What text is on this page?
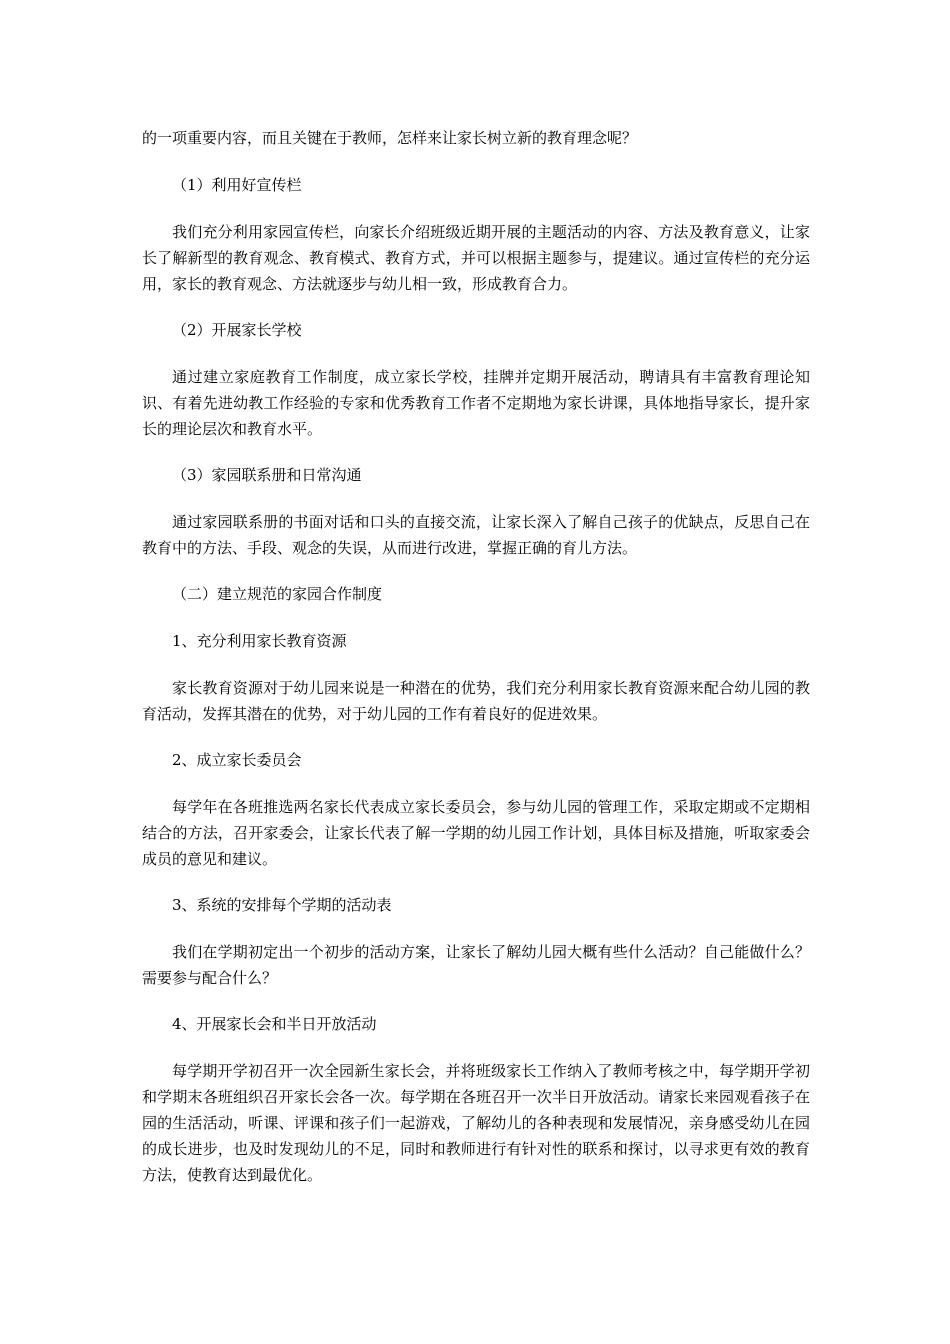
的一项重要内容，而且关键在于教师，怎样来让家长树立新的教育理念呢？

（1）利用好宣传栏

我们充分利用家园宣传栏，向家长介绍班级近期开展的主题活动的内容、方法及教育意义，让家长了解新型的教育观念、教育模式、教育方式，并可以根据主题参与，提建议。通过宣传栏的充分运用，家长的教育观念、方法就逐步与幼儿相一致，形成教育合力。

（2）开展家长学校

通过建立家庭教育工作制度，成立家长学校，挂牌并定期开展活动，聘请具有丰富教育理论知识、有着先进幼教工作经验的专家和优秀教育工作者不定期地为家长讲课，具体地指导家长，提升家长的理论层次和教育水平。

（3）家园联系册和日常沟通

通过家园联系册的书面对话和口头的直接交流，让家长深入了解自己孩子的优缺点，反思自己在教育中的方法、手段、观念的失误，从而进行改进，掌握正确的育儿方法。

（二）建立规范的家园合作制度

1、充分利用家长教育资源

家长教育资源对于幼儿园来说是一种潜在的优势，我们充分利用家长教育资源来配合幼儿园的教育活动，发挥其潜在的优势，对于幼儿园的工作有着良好的促进效果。

2、成立家长委员会

每学年在各班推选两名家长代表成立家长委员会，参与幼儿园的管理工作，采取定期或不定期相结合的方法，召开家委会，让家长代表了解一学期的幼儿园工作计划，具体目标及措施，听取家委会成员的意见和建议。

3、系统的安排每个学期的活动表

我们在学期初定出一个初步的活动方案，让家长了解幼儿园大概有些什么活动？自己能做什么？需要参与配合什么？

4、开展家长会和半日开放活动

每学期开学初召开一次全园新生家长会，并将班级家长工作纳入了教师考核之中，每学期开学初和学期末各班组织召开家长会各一次。每学期在各班召开一次半日开放活动。请家长来园观看孩子在园的生活活动，听课、评课和孩子们一起游戏，了解幼儿的各种表现和发展情况，亲身感受幼儿在园的成长进步，也及时发现幼儿的不足，同时和教师进行有针对性的联系和探讨，以寻求更有效的教育方法，使教育达到最优化。
